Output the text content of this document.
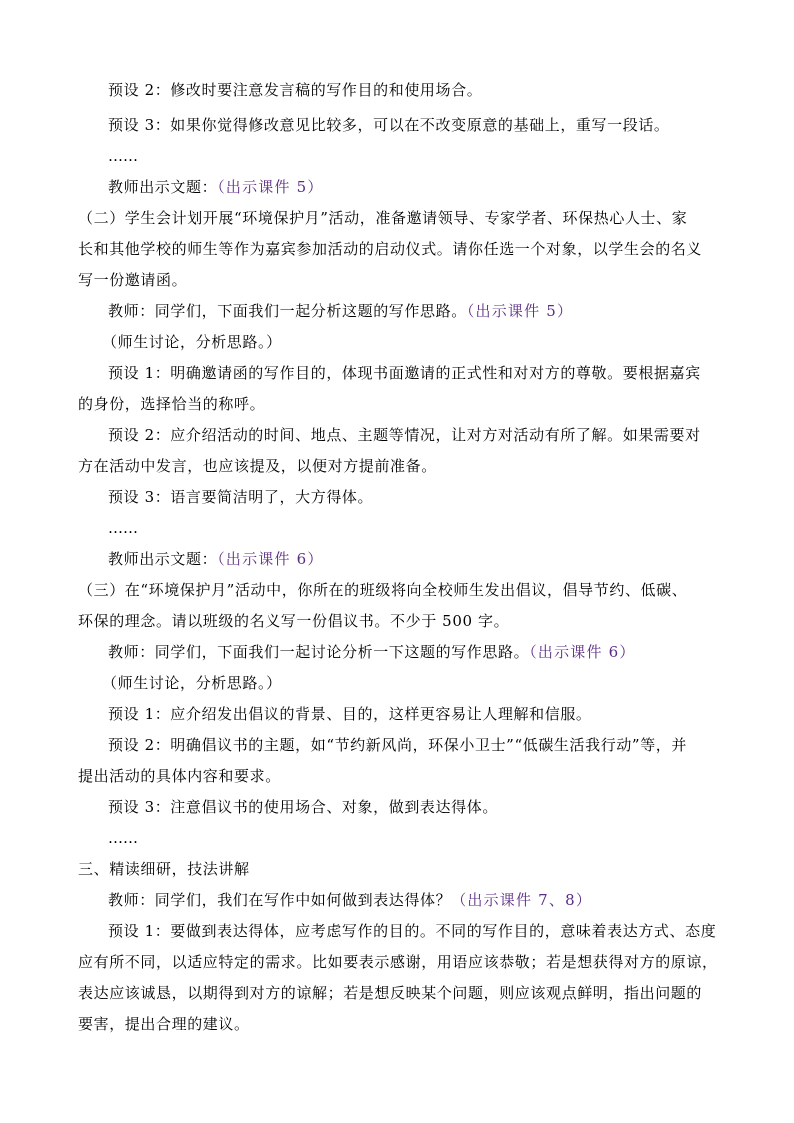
预设 2：修改时要注意发言稿的写作目的和使用场合。
预设 3：如果你觉得修改意见比较多，可以在不改变原意的基础上，重写一段话。
……
教师出示文题：（出示课件 5）
（二）学生会计划开展“环境保护月”活动，准备邀请领导、专家学者、环保热心人士、家
长和其他学校的师生等作为嘉宾参加活动的启动仪式。请你任选一个对象，以学生会的名义
写一份邀请函。
教师：同学们，下面我们一起分析这题的写作思路。（出示课件 5）
（师生讨论，分析思路。）
预设 1：明确邀请函的写作目的，体现书面邀请的正式性和对对方的尊敬。要根据嘉宾
的身份，选择恰当的称呼。
预设 2：应介绍活动的时间、地点、主题等情况，让对方对活动有所了解。如果需要对
方在活动中发言，也应该提及，以便对方提前准备。
预设 3：语言要简洁明了，大方得体。
……
教师出示文题：（出示课件 6）
（三）在“环境保护月”活动中，你所在的班级将向全校师生发出倡议，倡导节约、低碳、
环保的理念。请以班级的名义写一份倡议书。不少于 500 字。
教师：同学们，下面我们一起讨论分析一下这题的写作思路。（出示课件 6）
（师生讨论，分析思路。）
预设 1：应介绍发出倡议的背景、目的，这样更容易让人理解和信服。
预设 2：明确倡议书的主题，如“节约新风尚，环保小卫士”“低碳生活我行动”等，并
提出活动的具体内容和要求。
预设 3：注意倡议书的使用场合、对象，做到表达得体。
……
三、精读细研，技法讲解
教师：同学们，我们在写作中如何做到表达得体？（出示课件 7、8）
预设 1：要做到表达得体，应考虑写作的目的。不同的写作目的，意味着表达方式、态度
应有所不同，以适应特定的需求。比如要表示感谢，用语应该恭敬；若是想获得对方的原谅，
表达应该诚恳，以期得到对方的谅解；若是想反映某个问题，则应该观点鲜明，指出问题的
要害，提出合理的建议。
